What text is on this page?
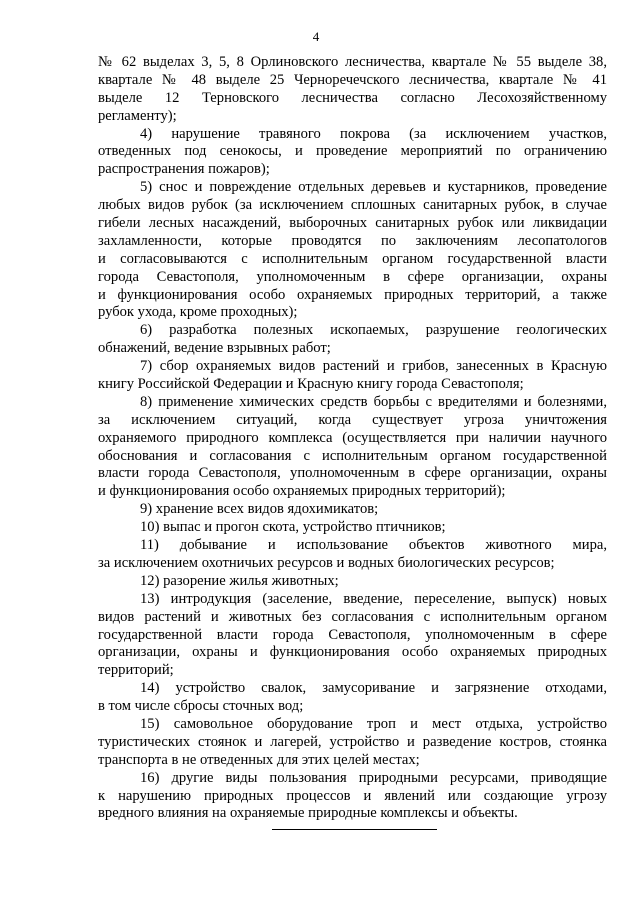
4
№ 62 выделах 3, 5, 8 Орлиновского лесничества, квартале № 55 выделе 38,
квартале № 48 выделе 25 Черноречечского лесничества, квартале № 41
выделе 12 Терновского лесничества согласно Лесохозяйственному
регламенту);
4) нарушение травяного покрова (за исключением участков,
отведенных под сенокосы, и проведение мероприятий по ограничению
распространения пожаров);
5) снос и повреждение отдельных деревьев и кустарников, проведение
любых видов рубок (за исключением сплошных санитарных рубок, в случае
гибели лесных насаждений, выборочных санитарных рубок или ликвидации
захламленности, которые проводятся по заключениям лесопатологов
и согласовываются с исполнительным органом государственной власти
города Севастополя, уполномоченным в сфере организации, охраны
и функционирования особо охраняемых природных территорий, а также
рубок ухода, кроме проходных);
6) разработка полезных ископаемых, разрушение геологических
обнажений, ведение взрывных работ;
7) сбор охраняемых видов растений и грибов, занесенных в Красную
книгу Российской Федерации и Красную книгу города Севастополя;
8) применение химических средств борьбы с вредителями и болезнями,
за исключением ситуаций, когда существует угроза уничтожения
охраняемого природного комплекса (осуществляется при наличии научного
обоснования и согласования с исполнительным органом государственной
власти города Севастополя, уполномоченным в сфере организации, охраны
и функционирования особо охраняемых природных территорий);
9) хранение всех видов ядохимикатов;
10) выпас и прогон скота, устройство птичников;
11) добывание и использование объектов животного мира,
за исключением охотничьих ресурсов и водных биологических ресурсов;
12) разорение жилья животных;
13) интродукция (заселение, введение, переселение, выпуск) новых
видов растений и животных без согласования с исполнительным органом
государственной власти города Севастополя, уполномоченным в сфере
организации, охраны и функционирования особо охраняемых природных
территорий;
14) устройство свалок, замусоривание и загрязнение отходами,
в том числе сбросы сточных вод;
15) самовольное оборудование троп и мест отдыха, устройство
туристических стоянок и лагерей, устройство и разведение костров, стоянка
транспорта в не отведенных для этих целей местах;
16) другие виды пользования природными ресурсами, приводящие
к нарушению природных процессов и явлений или создающие угрозу
вредного влияния на охраняемые природные комплексы и объекты.
